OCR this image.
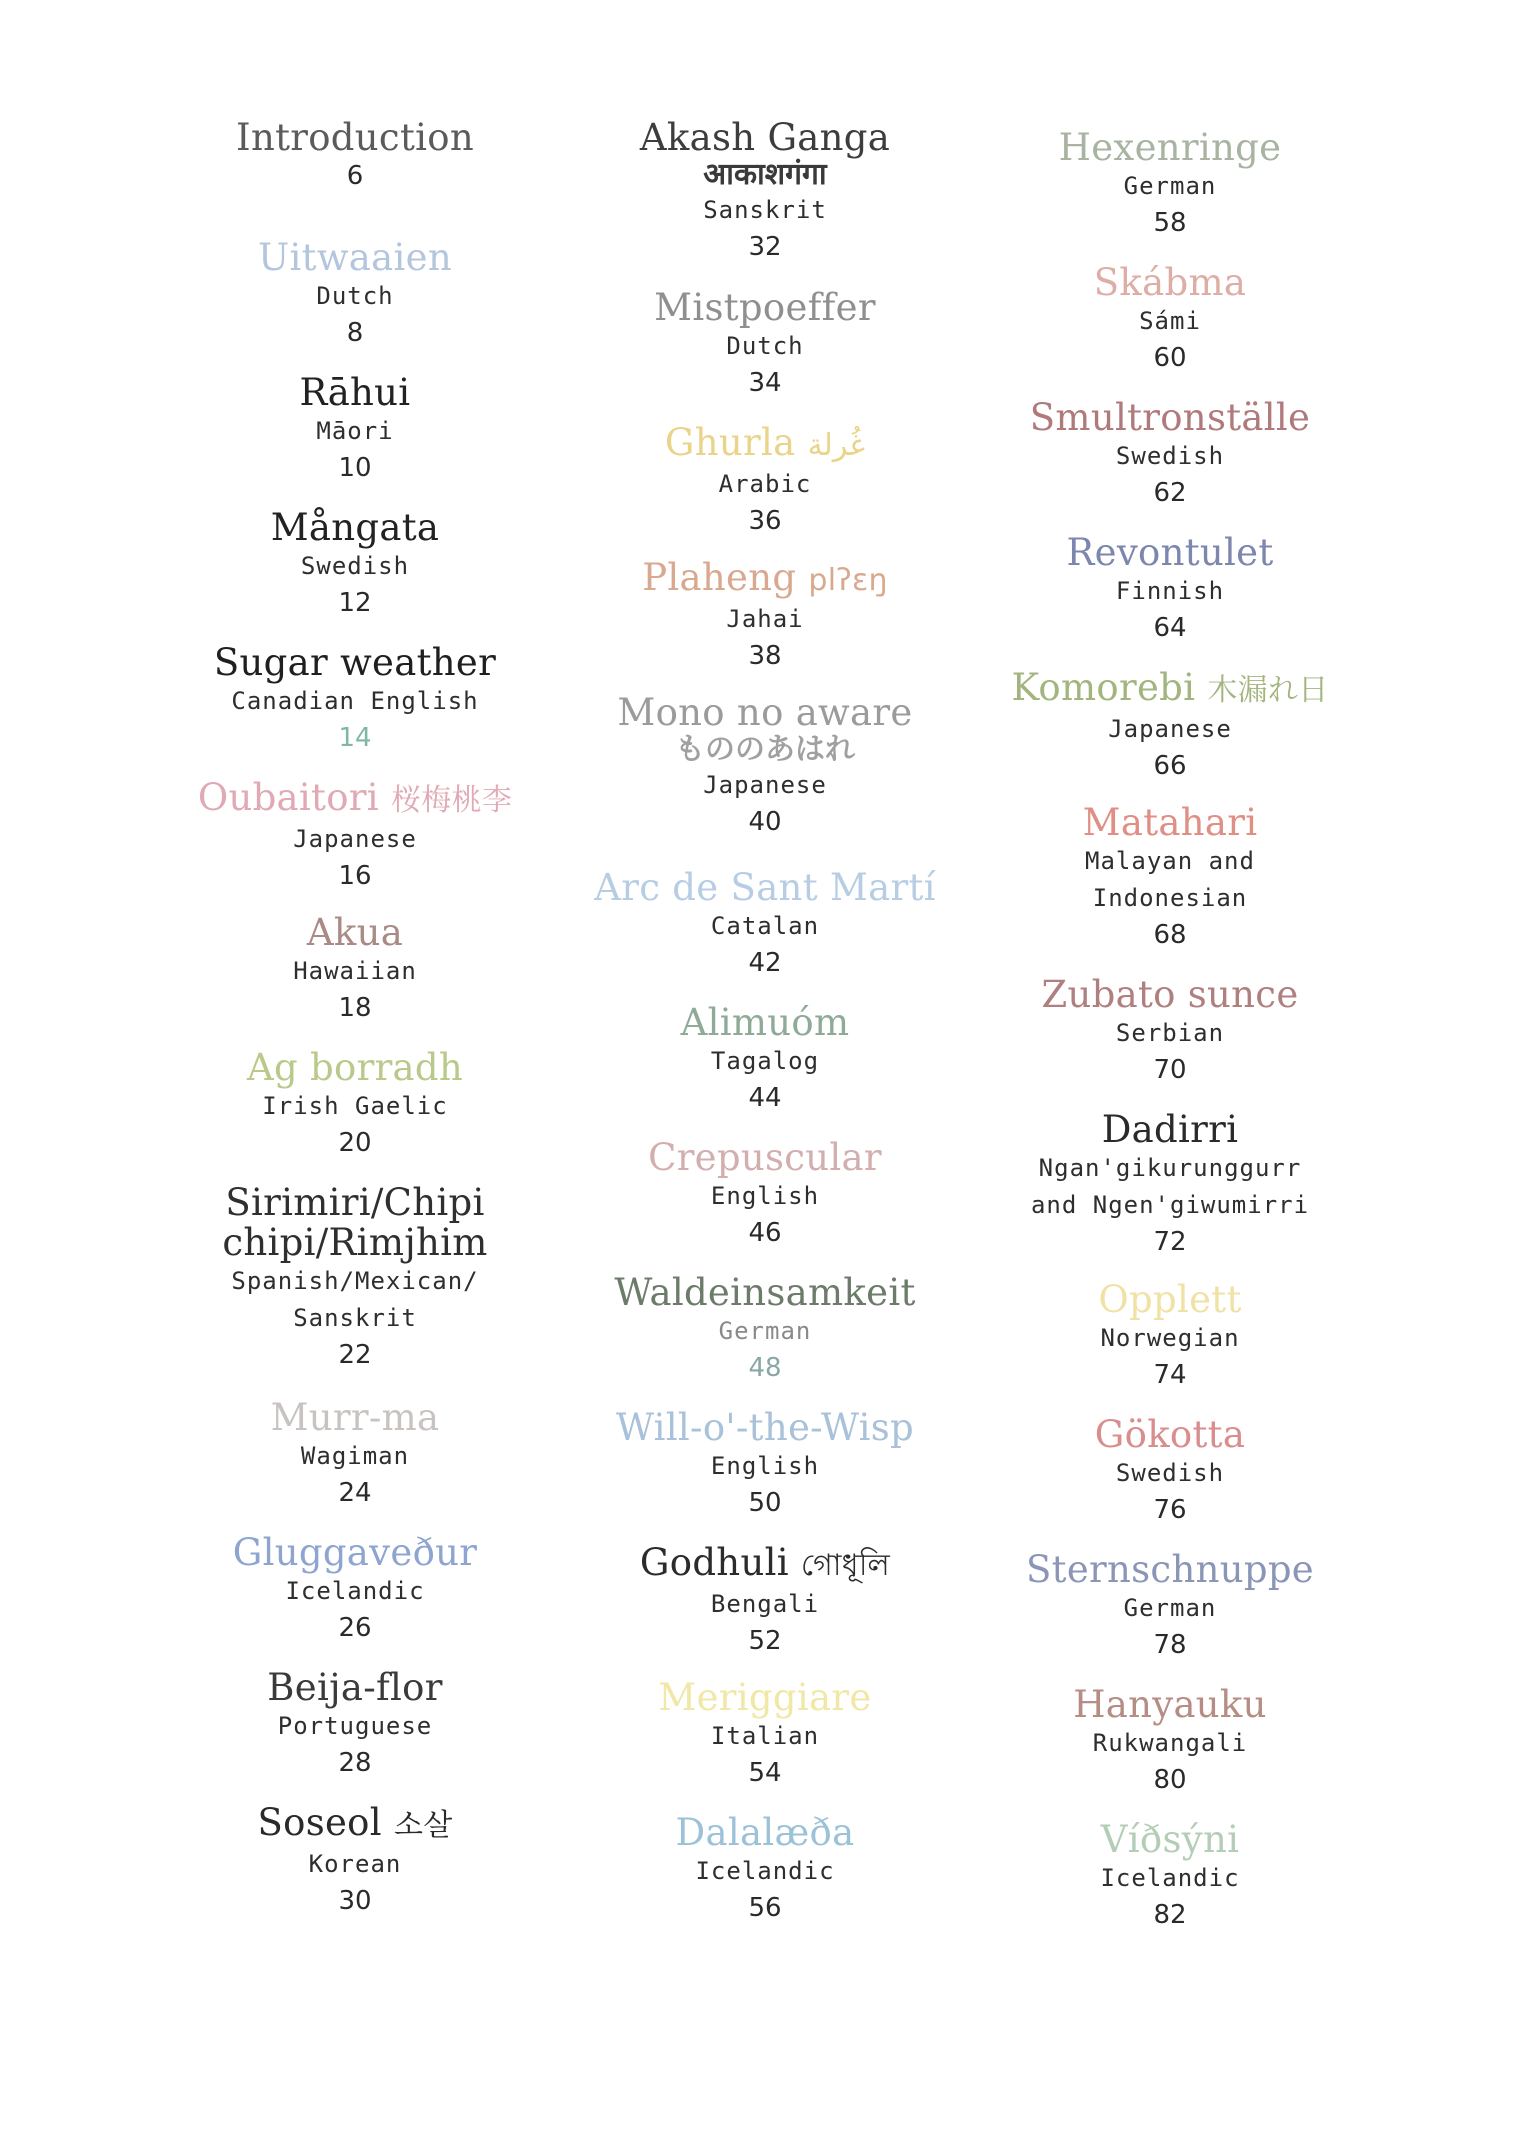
Introduction
6
Uitwaaien
Dutch
8
Rāhui
Māori
10
Mångata
Swedish
12
Sugar weather
Canadian English
14
Oubaitori 桜梅桃李
Japanese
16
Akua
Hawaiian
18
Ag borradh
Irish Gaelic
20
Sirimiri/Chipi
chipi/Rimjhim
Spanish/Mexican/
Sanskrit
22
Murr-ma
Wagiman
24
Gluggaveður
Icelandic
26
Beija-flor
Portuguese
28
Soseol 소살
Korean
30
Akash Ganga
आकाशगंगा
Sanskrit
32
Mistpoeffer
Dutch
34
Ghurla غُرلة
Arabic
36
Plaheng plʔɛŋ
Jahai
38
Mono no aware
もののあはれ
Japanese
40
Arc de Sant Martí
Catalan
42
Alimuóm
Tagalog
44
Crepuscular
English
46
Waldeinsamkeit
German
48
Will-o'-the-Wisp
English
50
Godhuli গোধূলি
Bengali
52
Meriggiare
Italian
54
Dalalæða
Icelandic
56
Hexenringe
German
58
Skábma
Sámi
60
Smultronställe
Swedish
62
Revontulet
Finnish
64
Komorebi 木漏れ日
Japanese
66
Matahari
Malayan and
Indonesian
68
Zubato sunce
Serbian
70
Dadirri
Ngan'gikurunggurr
and Ngen'giwumirri
72
Opplett
Norwegian
74
Gökotta
Swedish
76
Sternschnuppe
German
78
Hanyauku
Rukwangali
80
Víðsýni
Icelandic
82
